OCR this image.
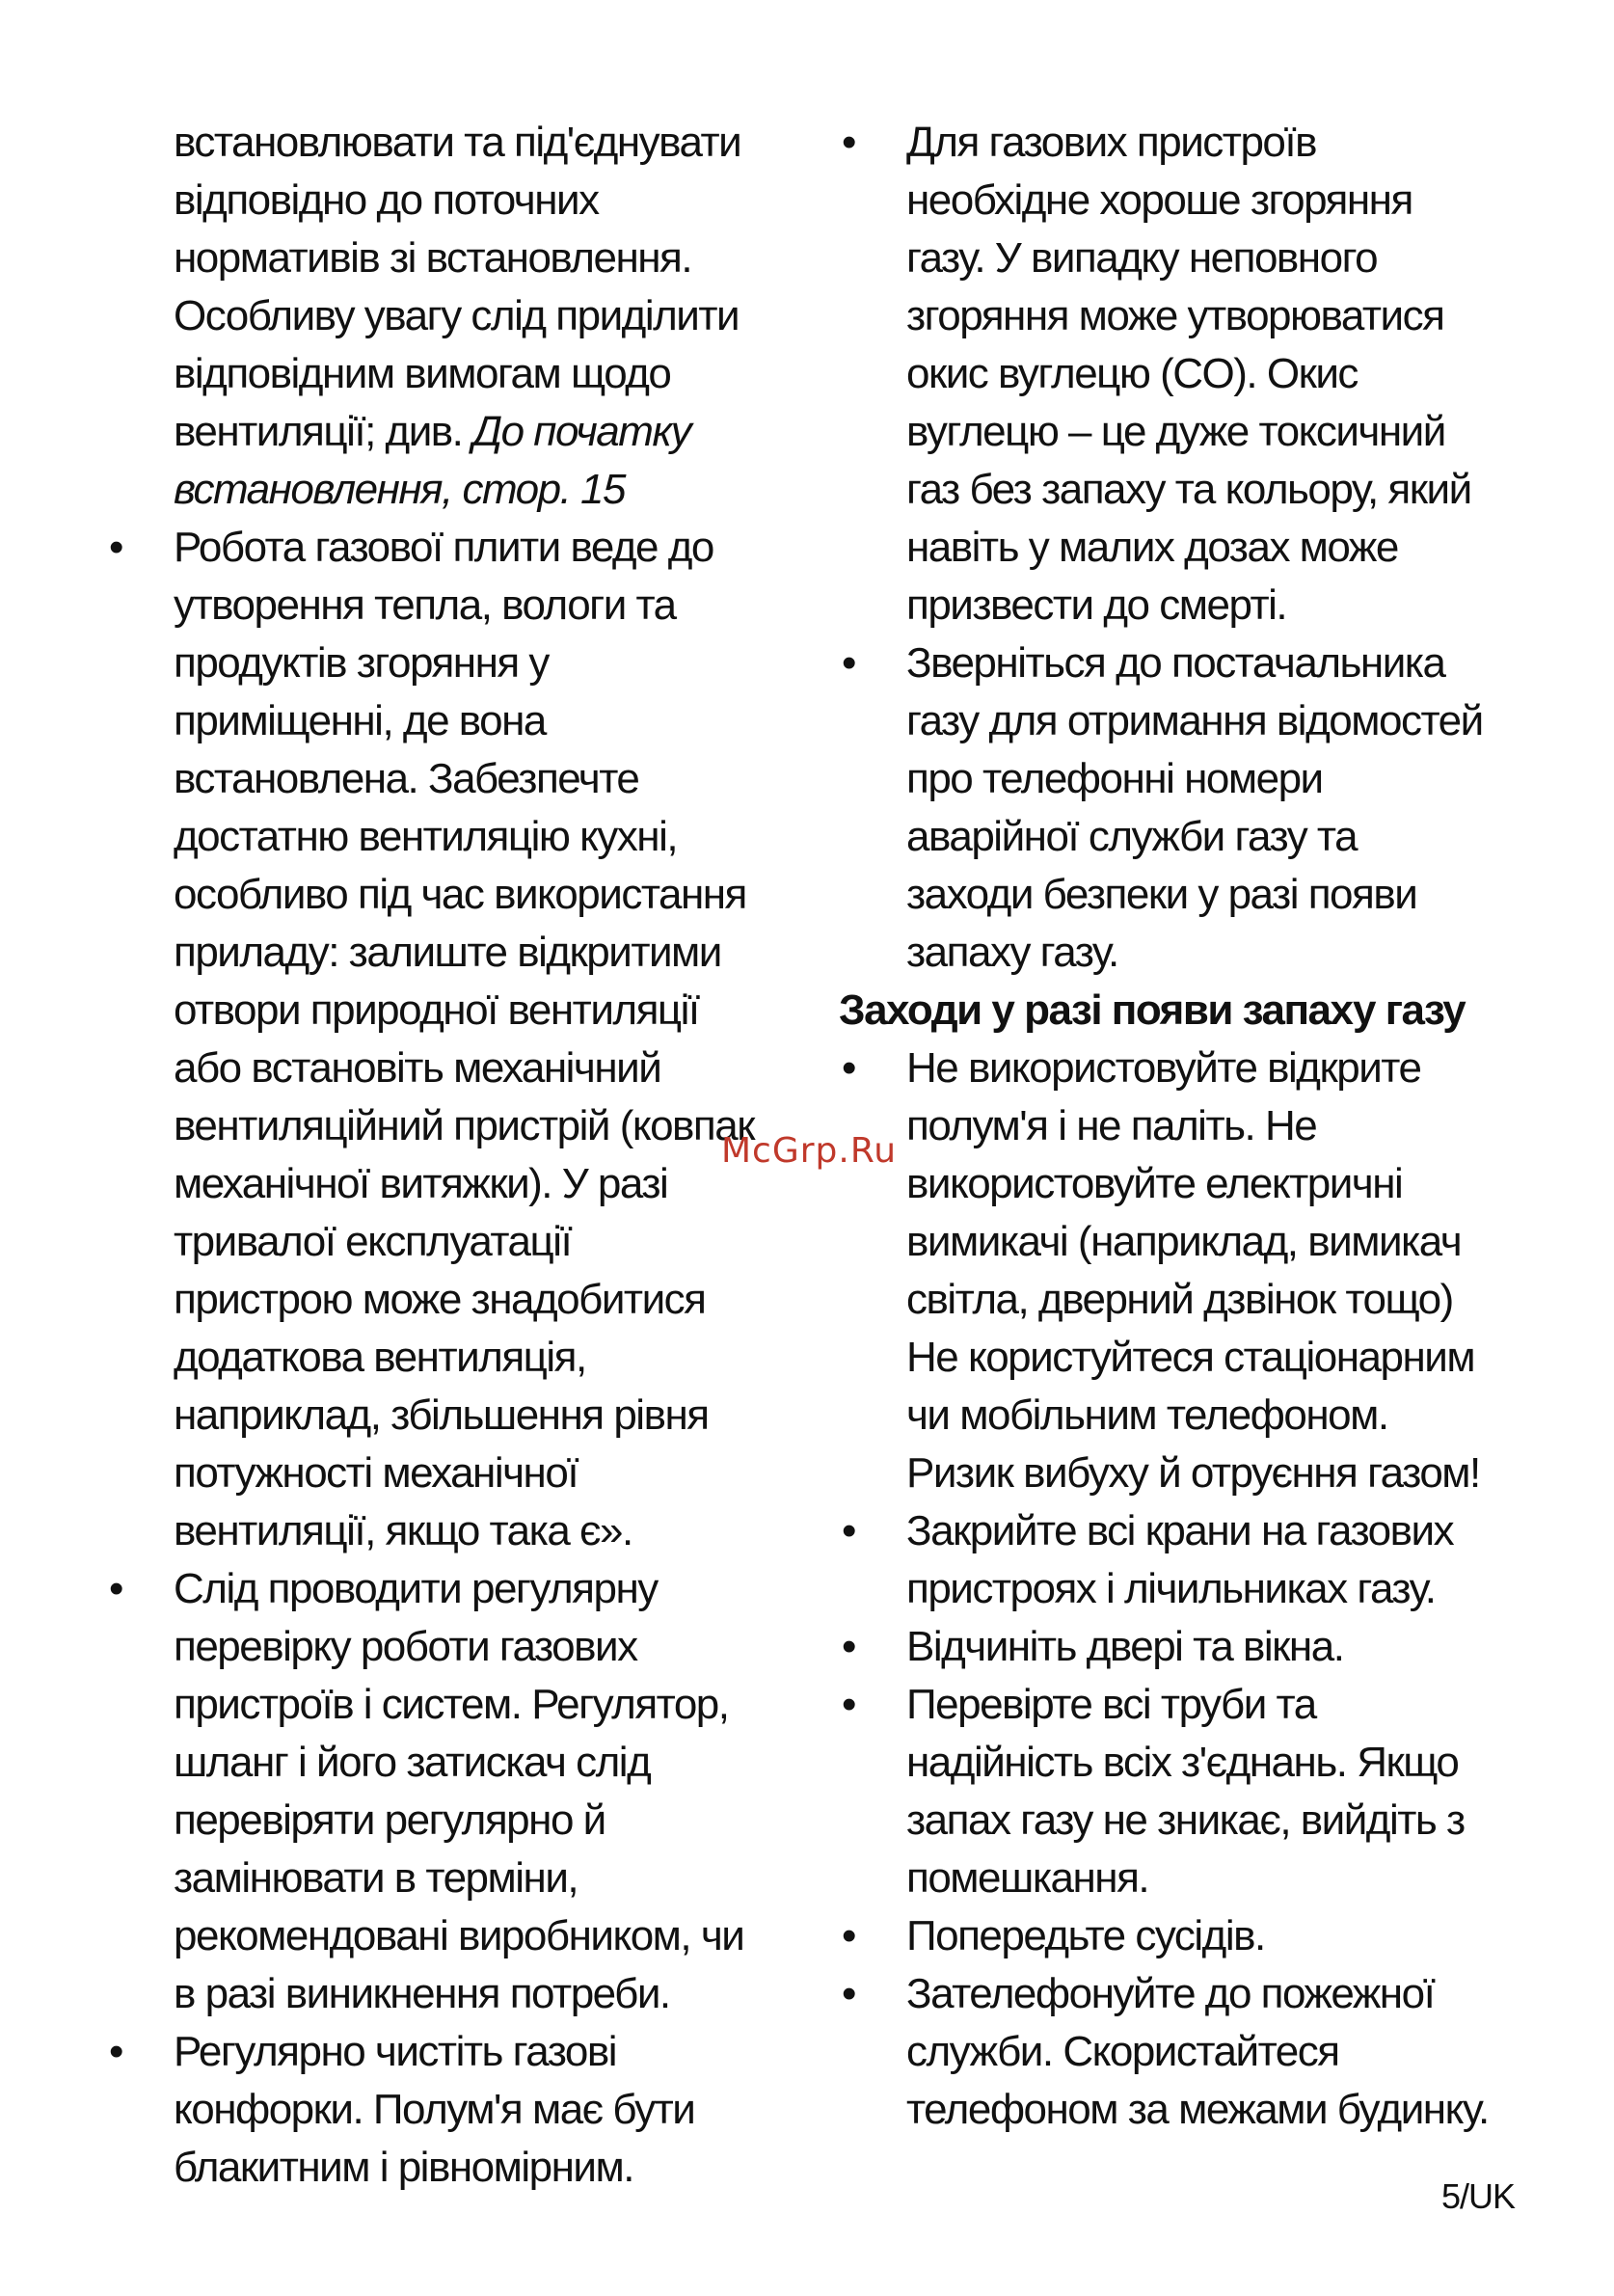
встановлювати та під'єднувати

відповідно до поточних

нормативів зі встановлення.

Особливу увагу слід приділити

відповідним вимогам щодо

вентиляції; див. До початку

встановлення, стор. 15

• Робота газової плити веде до
утворення тепла, вологи та
продуктів згоряння у
приміщенні, де вона
встановлена. Забезпечте
достатню вентиляцію кухні,
особливо під час використання
приладу: залиште відкритими
отвори природної вентиляції
або встановіть механічний
вентиляційний пристрій (ковпак
механічної витяжки). У разі
тривалої експлуатації
пристрою може знадобитися
додаткова вентиляція,
наприклад, збільшення рівня
потужності механічної
вентиляції, якщо така є».
• Слід проводити регулярну
перевірку роботи газових
пристроїв і систем. Регулятор,
шланг і його затискач слід
перевіряти регулярно й
замінювати в терміни,
рекомендовані виробником, чи
в разі виникнення потреби.
• Регулярно чистіть газові
конфорки. Полум'я має бути
блакитним і рівномірним.
• Для газових пристроїв
необхідне хороше згоряння
газу. У випадку неповного
згоряння може утворюватися
окис вуглецю (CO). Окис
вуглецю – це дуже токсичний
газ без запаху та кольору, який
навіть у малих дозах може
призвести до смерті.
• Зверніться до постачальника
газу для отримання відомостей
про телефонні номери
аварійної служби газу та
заходи безпеки у разі появи
запаху газу.

Заходи у разі появи запаху газу

• Не використовуйте відкрите
полум'я і не паліть. Не
використовуйте електричні
вимикачі (наприклад, вимикач
світла, дверний дзвінок тощо)
Не користуйтеся стаціонарним
чи мобільним телефоном.
Ризик вибуху й отруєння газом!
• Закрийте всі крани на газових
пристроях і лічильниках газу.
• Відчиніть двері та вікна.
• Перевірте всі труби та
надійність всіх з'єднань. Якщо
запах газу не зникає, вийдіть з
помешкання.
• Попередьте сусідів.
• Зателефонуйте до пожежної
служби. Скористайтеся
телефоном за межами будинку.
McGrp.Ru
5/UK
